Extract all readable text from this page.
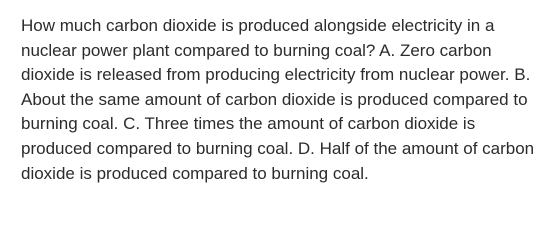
How much carbon dioxide is produced alongside electricity in a nuclear power plant compared to burning coal? A. Zero carbon dioxide is released from producing electricity from nuclear power. B. About the same amount of carbon dioxide is produced compared to burning coal. C. Three times the amount of carbon dioxide is produced compared to burning coal. D. Half of the amount of carbon dioxide is produced compared to burning coal.
